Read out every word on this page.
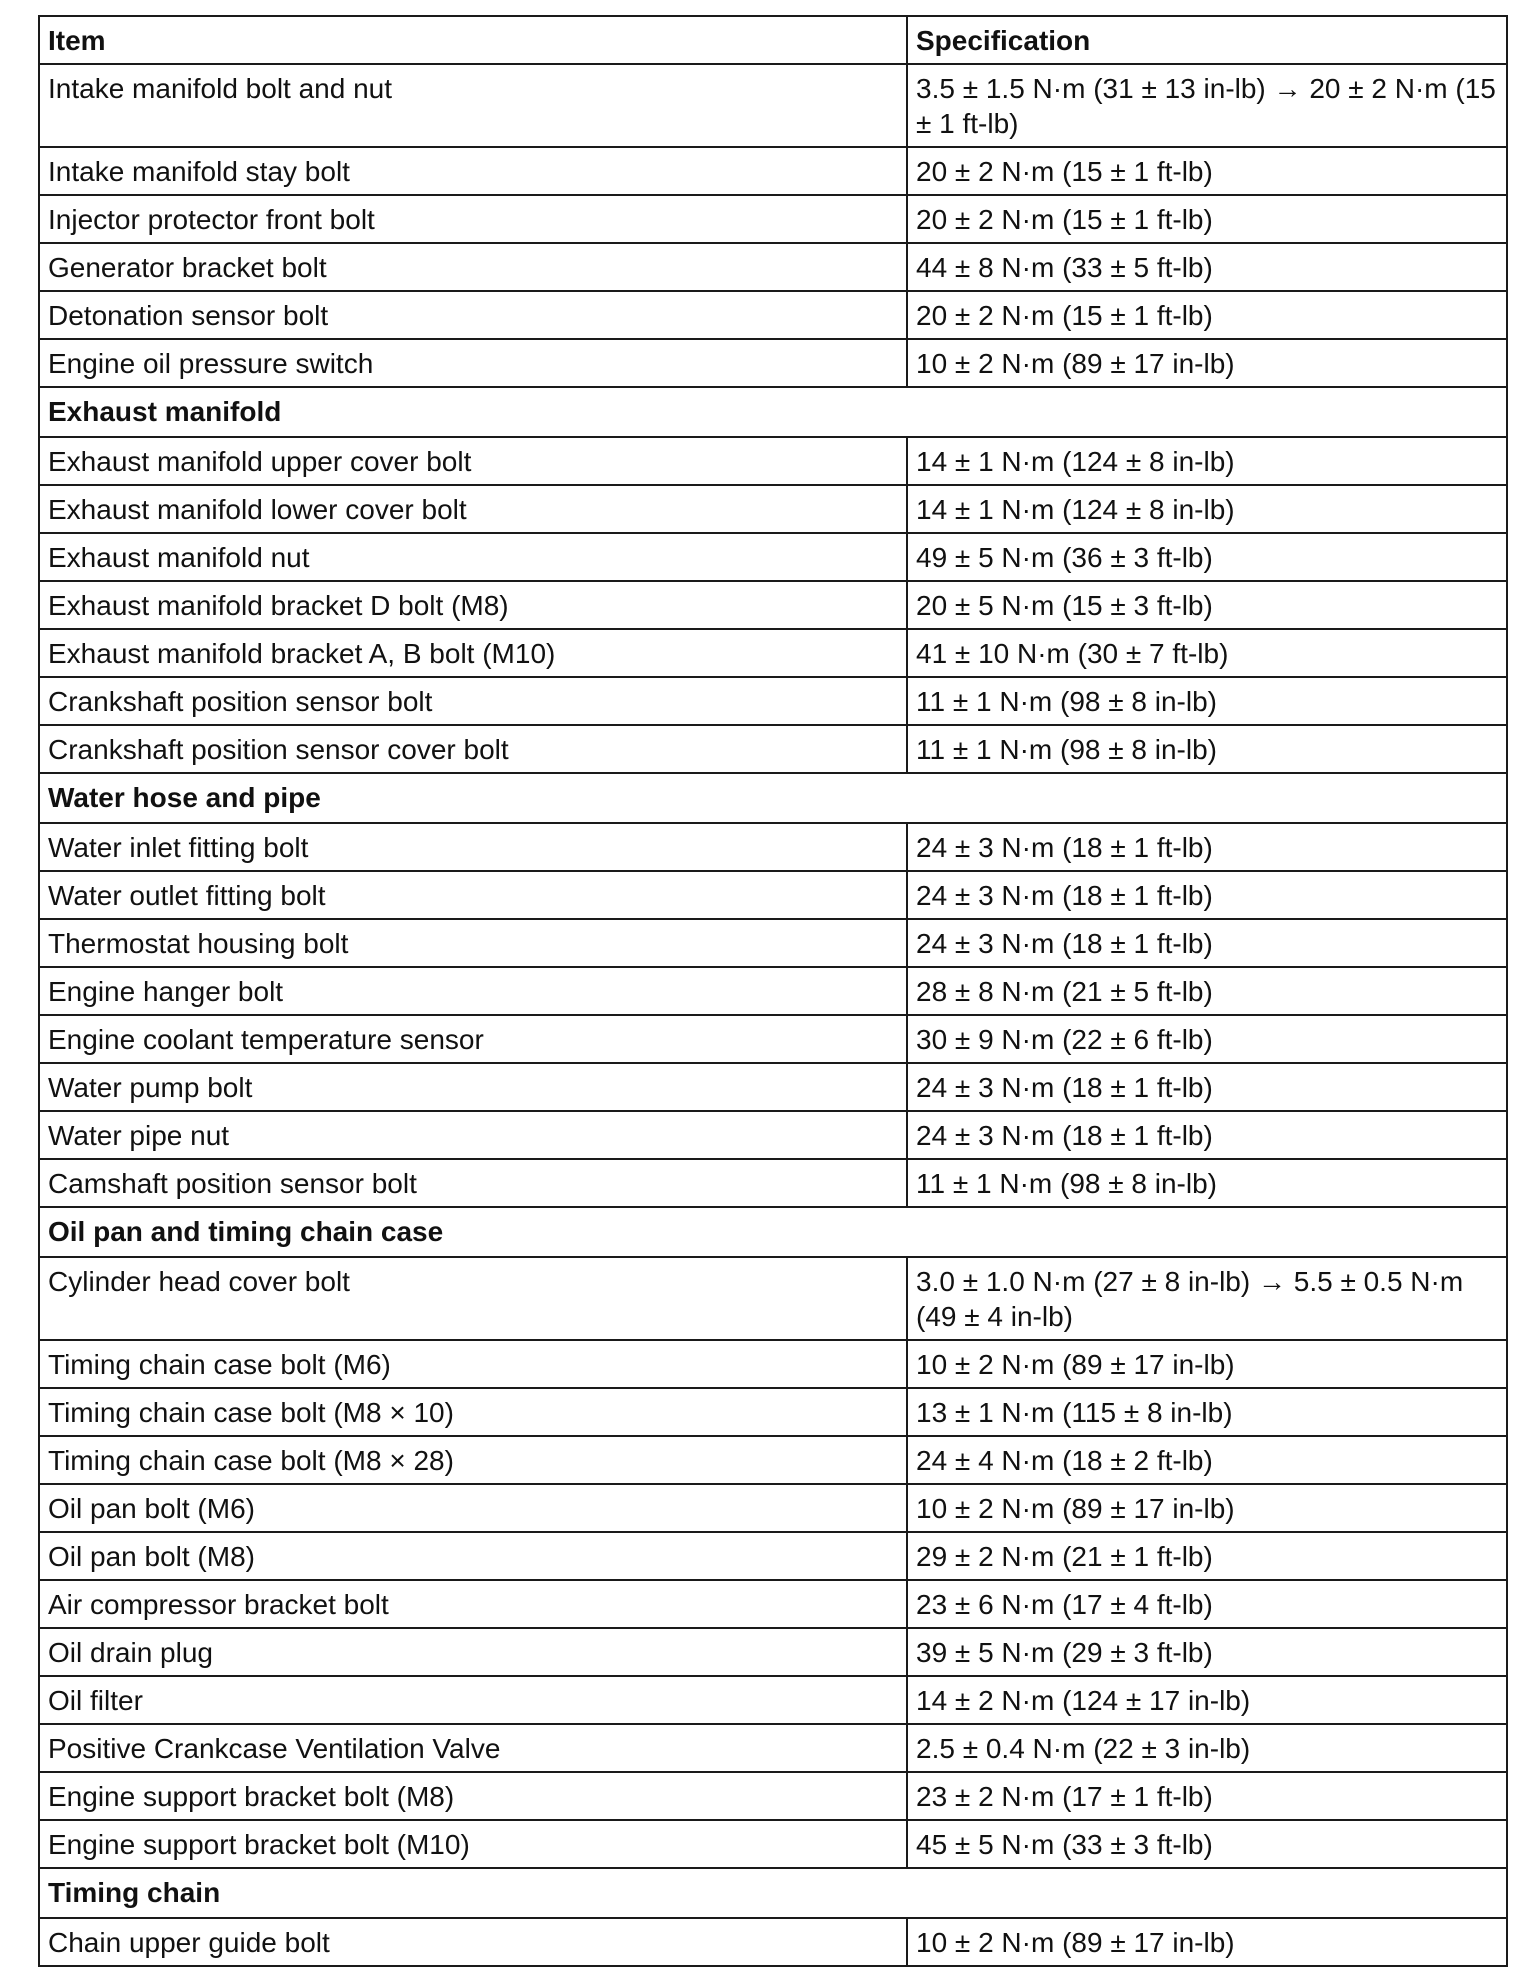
Item	Specification
Intake manifold bolt and nut	3.5 ± 1.5 N·m (31 ± 13 in-lb) → 20 ± 2 N·m (15 ± 1 ft-lb)
Intake manifold stay bolt	20 ± 2 N·m (15 ± 1 ft-lb)
Injector protector front bolt	20 ± 2 N·m (15 ± 1 ft-lb)
Generator bracket bolt	44 ± 8 N·m (33 ± 5 ft-lb)
Detonation sensor bolt	20 ± 2 N·m (15 ± 1 ft-lb)
Engine oil pressure switch	10 ± 2 N·m (89 ± 17 in-lb)
Exhaust manifold	
Exhaust manifold upper cover bolt	14 ± 1 N·m (124 ± 8 in-lb)
Exhaust manifold lower cover bolt	14 ± 1 N·m (124 ± 8 in-lb)
Exhaust manifold nut	49 ± 5 N·m (36 ± 3 ft-lb)
Exhaust manifold bracket D bolt (M8)	20 ± 5 N·m (15 ± 3 ft-lb)
Exhaust manifold bracket A, B bolt (M10)	41 ± 10 N·m (30 ± 7 ft-lb)
Crankshaft position sensor bolt	11 ± 1 N·m (98 ± 8 in-lb)
Crankshaft position sensor cover bolt	11 ± 1 N·m (98 ± 8 in-lb)
Water hose and pipe	
Water inlet fitting bolt	24 ± 3 N·m (18 ± 1 ft-lb)
Water outlet fitting bolt	24 ± 3 N·m (18 ± 1 ft-lb)
Thermostat housing bolt	24 ± 3 N·m (18 ± 1 ft-lb)
Engine hanger bolt	28 ± 8 N·m (21 ± 5 ft-lb)
Engine coolant temperature sensor	30 ± 9 N·m (22 ± 6 ft-lb)
Water pump bolt	24 ± 3 N·m (18 ± 1 ft-lb)
Water pipe nut	24 ± 3 N·m (18 ± 1 ft-lb)
Camshaft position sensor bolt	11 ± 1 N·m (98 ± 8 in-lb)
Oil pan and timing chain case	
Cylinder head cover bolt	3.0 ± 1.0 N·m (27 ± 8 in-lb) → 5.5 ± 0.5 N·m (49 ± 4 in-lb)
Timing chain case bolt (M6)	10 ± 2 N·m (89 ± 17 in-lb)
Timing chain case bolt (M8 × 10)	13 ± 1 N·m (115 ± 8 in-lb)
Timing chain case bolt (M8 × 28)	24 ± 4 N·m (18 ± 2 ft-lb)
Oil pan bolt (M6)	10 ± 2 N·m (89 ± 17 in-lb)
Oil pan bolt (M8)	29 ± 2 N·m (21 ± 1 ft-lb)
Air compressor bracket bolt	23 ± 6 N·m (17 ± 4 ft-lb)
Oil drain plug	39 ± 5 N·m (29 ± 3 ft-lb)
Oil filter	14 ± 2 N·m (124 ± 17 in-lb)
Positive Crankcase Ventilation Valve	2.5 ± 0.4 N·m (22 ± 3 in-lb)
Engine support bracket bolt (M8)	23 ± 2 N·m (17 ± 1 ft-lb)
Engine support bracket bolt (M10)	45 ± 5 N·m (33 ± 3 ft-lb)
Timing chain	
Chain upper guide bolt	10 ± 2 N·m (89 ± 17 in-lb)
